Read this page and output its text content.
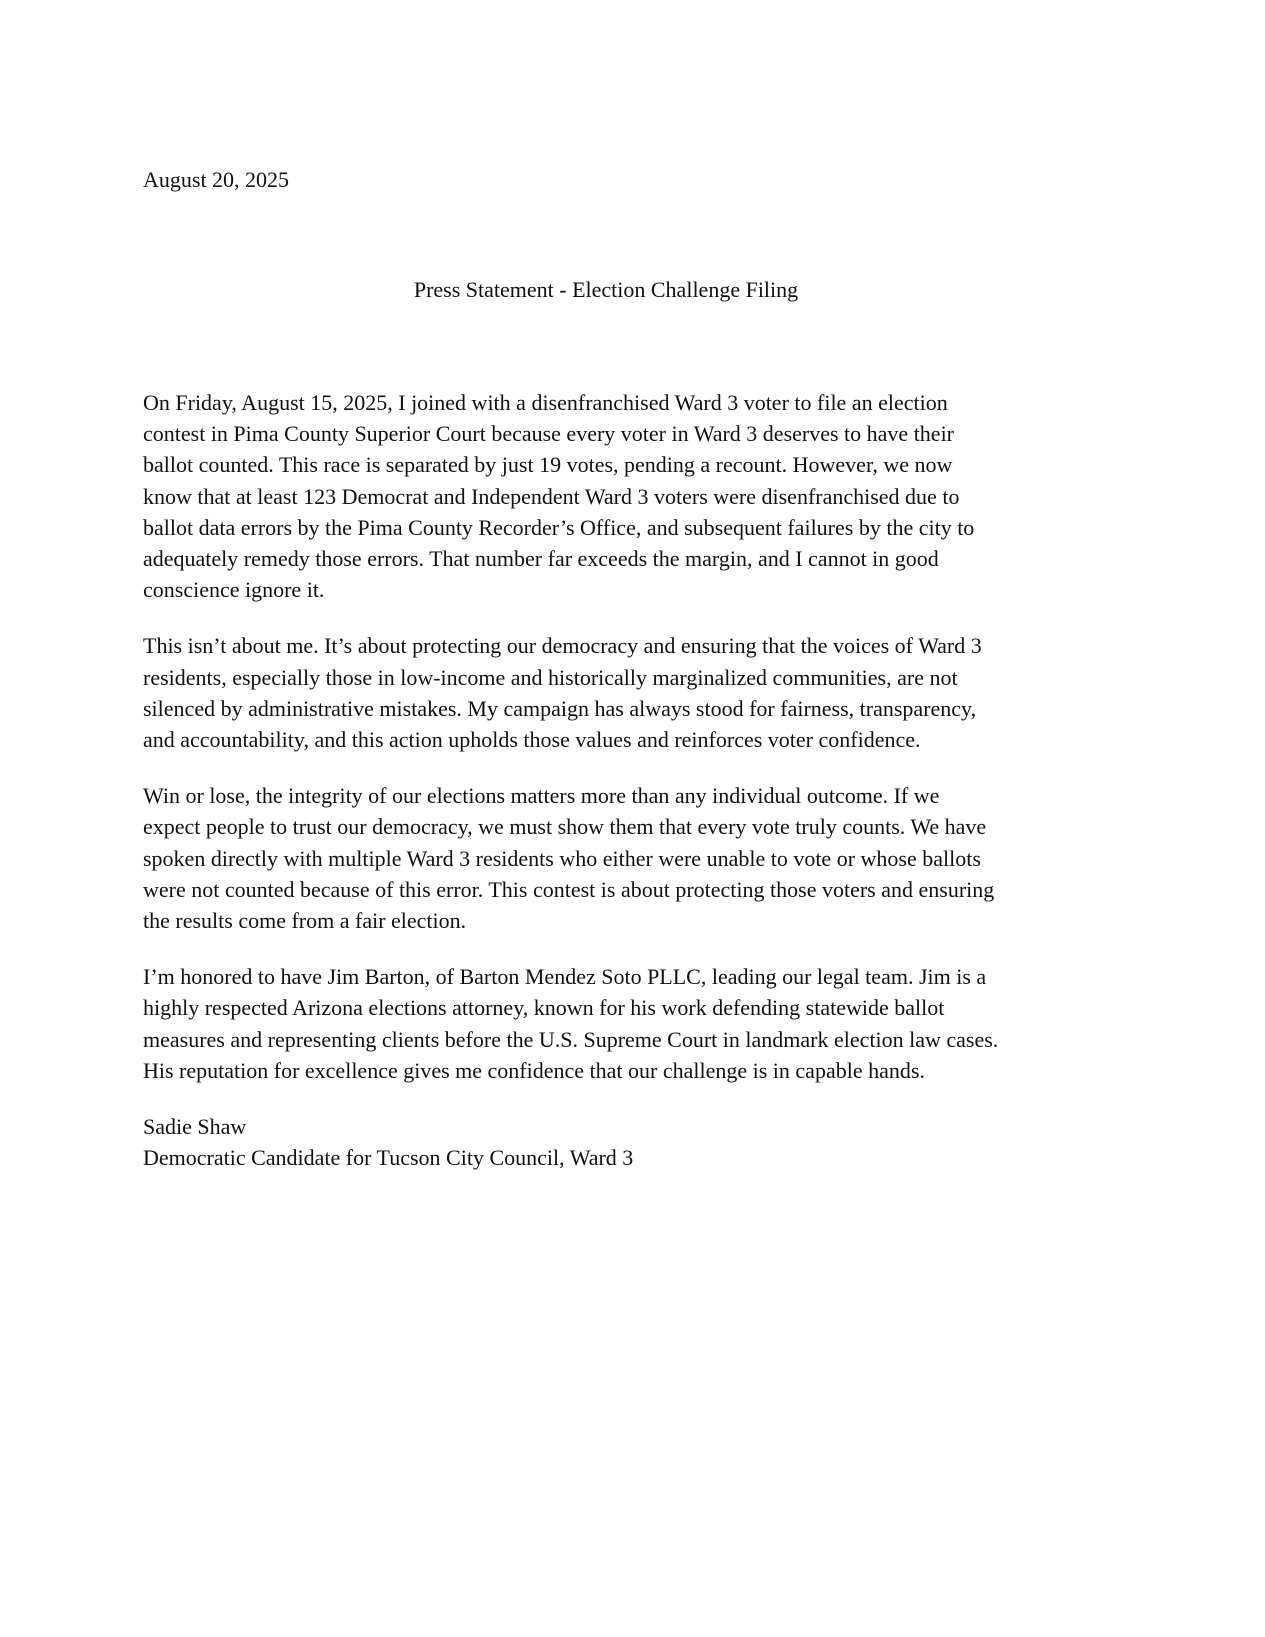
August 20, 2025
Press Statement - Election Challenge Filing

On Friday, August 15, 2025, I joined with a disenfranchised Ward 3 voter to file an election
contest in Pima County Superior Court because every voter in Ward 3 deserves to have their
ballot counted. This race is separated by just 19 votes, pending a recount. However, we now
know that at least 123 Democrat and Independent Ward 3 voters were disenfranchised due to
ballot data errors by the Pima County Recorder’s Office, and subsequent failures by the city to
adequately remedy those errors. That number far exceeds the margin, and I cannot in good
conscience ignore it.

This isn’t about me. It’s about protecting our democracy and ensuring that the voices of Ward 3
residents, especially those in low-income and historically marginalized communities, are not
silenced by administrative mistakes. My campaign has always stood for fairness, transparency,
and accountability, and this action upholds those values and reinforces voter confidence.

Win or lose, the integrity of our elections matters more than any individual outcome. If we
expect people to trust our democracy, we must show them that every vote truly counts. We have
spoken directly with multiple Ward 3 residents who either were unable to vote or whose ballots
were not counted because of this error. This contest is about protecting those voters and ensuring
the results come from a fair election.

I’m honored to have Jim Barton, of Barton Mendez Soto PLLC, leading our legal team. Jim is a
highly respected Arizona elections attorney, known for his work defending statewide ballot
measures and representing clients before the U.S. Supreme Court in landmark election law cases.
His reputation for excellence gives me confidence that our challenge is in capable hands.

Sadie Shaw
Democratic Candidate for Tucson City Council, Ward 3
